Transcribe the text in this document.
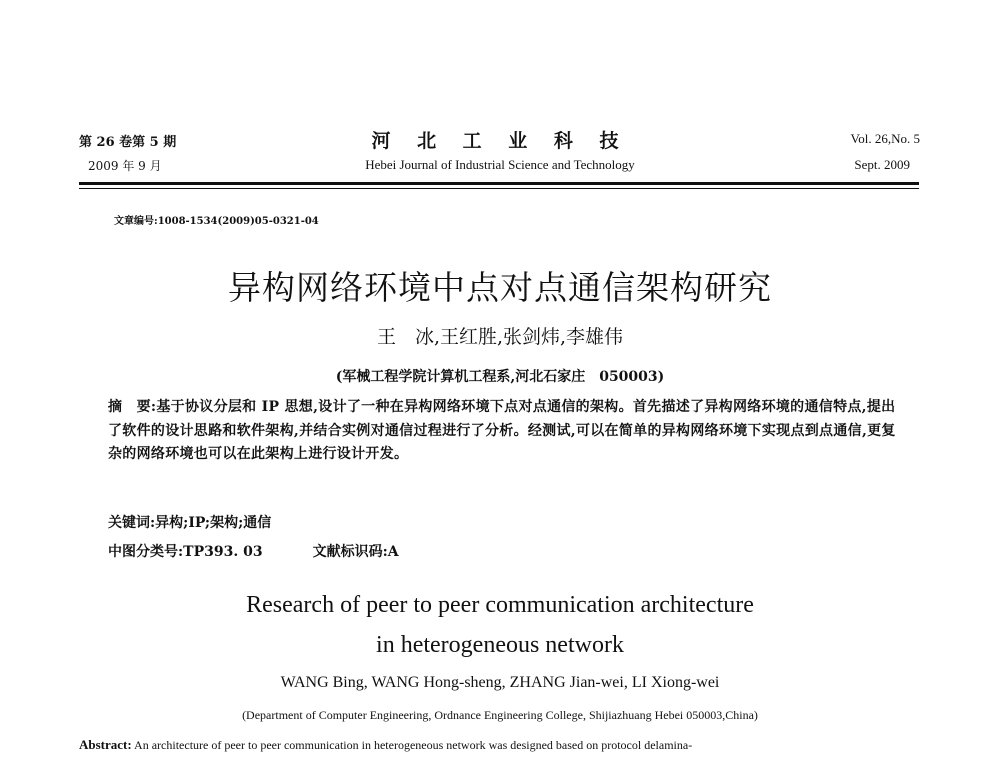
第 26 卷第 5 期
2009 年 9 月
河 北 工 业 科 技
Hebei Journal of Industrial Science and Technology
Vol. 26,No. 5
Sept. 2009
文章编号:1008-1534(2009)05-0321-04
异构网络环境中点对点通信架构研究
王　冰,王红胜,张剑炜,李雄伟
(军械工程学院计算机工程系,河北石家庄　050003)
摘　要:基于协议分层和 IP 思想,设计了一种在异构网络环境下点对点通信的架构。首先描述了异构网络环境的通信特点,提出了软件的设计思路和软件架构,并结合实例对通信过程进行了分析。经测试,可以在简单的异构网络环境下实现点到点通信,更复杂的网络环境也可以在此架构上进行设计开发。
关键词:异构;IP;架构;通信
中图分类号:TP393. 03	文献标识码:A
Research of peer to peer communication architecture
in heterogeneous network
WANG Bing, WANG Hong-sheng, ZHANG Jian-wei, LI Xiong-wei
(Department of Computer Engineering, Ordnance Engineering College, Shijiazhuang Hebei 050003,China)
Abstract: An architecture of peer to peer communication in heterogeneous network was designed based on protocol delamina-
